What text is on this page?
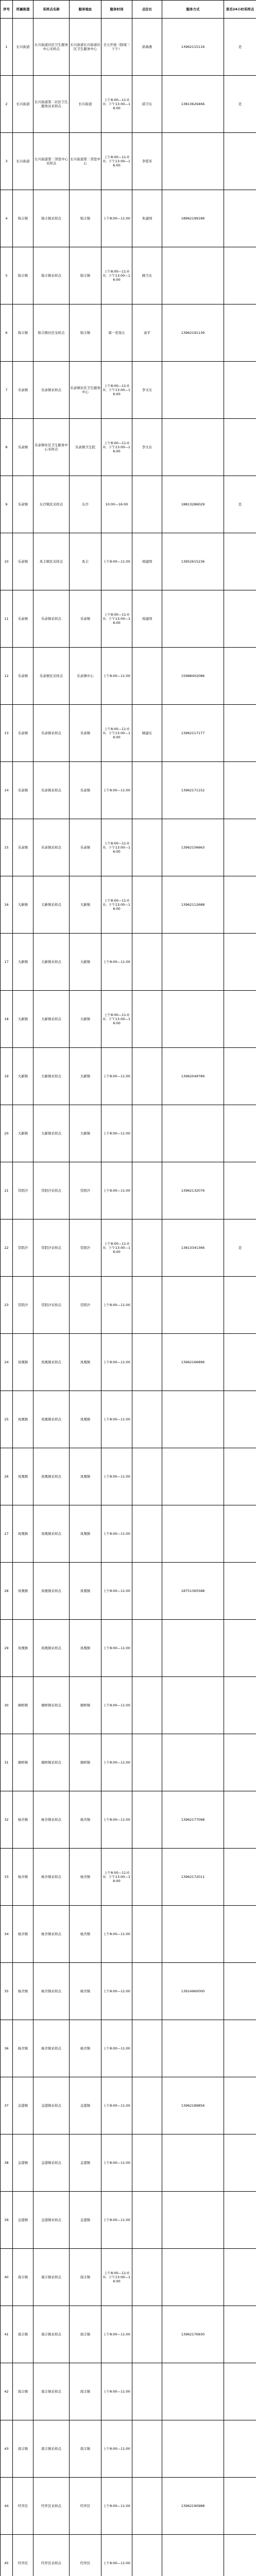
序号	所属街道	采样点名称	服务地址	服务时间	点位长	服务方式	是否24小时采样点
1	长兴街道	长兴街道社区卫生服务中心采样点	长兴街道长兴街道社区卫生服务中心	全天开放（除周三下午）	徐海燕	13962115116	是
2	长兴街道	长兴街道第二社区卫生服务站采样点	长兴街道	上午8:00—11:00；下午13:00—16:00	邱卫东	13813629466	是
3	长兴街道	长兴街道第二邻里中心采样点	长兴街道第二邻里中心	上午8:00—11:00；下午13:00—16:00	李爱军		
4	锦丰镇	锦丰镇采样点	锦丰镇	上午8:00—11:00	朱建国	18962199189	
5	锦丰镇	锦丰镇采样点	锦丰镇	上午8:00—11:00；下午13:00—16:00	顾卫东		
6	锦丰镇	锦丰镇社区采样点	锦丰镇	周一至周五	余平	13962191139	
7	乐余镇	乐余镇采样点	乐余镇社区卫生服务中心	上午8:00—11:00；下午13:00—16:00	李文东		
8	乐余镇	乐余镇社区卫生服务中心采样点	乐余镇卫生院	上午8:00—11:00；下午13:00—16:00	李文东		
9	乐余镇	东沙镇区采样点	东沙	10:00—16:00		18813286029	是
10	乐余镇	兆丰镇区采样点	兆丰	上午8:00—11:00	周建国	13952615236	
11	乐余镇	乐余镇采样点	乐余镇	上午8:00—11:00；下午13:00—16:00	周建国		
12	乐余镇	乐余镇区采样点	乐余镇中心	上午8:00—11:00		15988402086	
13	乐余镇	乐余镇采样点	乐余镇	上午8:00—11:00；下午13:00—16:00	顾建东	13962117177	
14	乐余镇	乐余镇采样点	乐余镇	上午8:00—11:00		13962171152	
15	乐余镇	乐余镇采样点	乐余镇	上午8:00—11:00；下午13:00—16:00		13962156663	
16	大新镇	大新镇采样点	大新镇	上午8:00—11:00；下午13:00—16:00		13962112688	
17	大新镇	大新镇采样点	大新镇	上午8:00—11:00			
18	大新镇	大新镇采样点	大新镇	上午8:00—11:00；下午13:00—16:00			
19	大新镇	大新镇采样点	大新镇	上午8:00—11:00		13962049789	
20	大新镇	大新镇采样点	大新镇	上午8:00—11:00			
21	常阴沙	常阴沙采样点	常阴沙	上午8:00—11:00		13962132076	
22	常阴沙	常阴沙采样点	常阴沙	上午8:00—11:00；下午13:00—16:00		13813341366	是
23	常阴沙	常阴沙采样点	常阴沙	上午8:00—11:00			
24	凤凰镇	凤凰镇采样点	凤凰镇	上午8:00—11:00		13962166896	
25	凤凰镇	凤凰镇采样点	凤凰镇	上午8:00—11:00			
26	凤凰镇	凤凰镇采样点	凤凰镇	上午8:00—11:00			
27	凤凰镇	凤凰镇采样点	凤凰镇	上午8:00—11:00			
28	凤凰镇	凤凰镇采样点	凤凰镇	上午8:00—11:00		18751365588	
29	凤凰镇	凤凰镇采样点	凤凰镇	上午8:00—11:00			
30	塘桥镇	塘桥镇采样点	塘桥镇	上午8:00—11:00			
31	塘桥镇	塘桥镇采样点	塘桥镇	上午8:00—11:00			
32	杨舍镇	杨舍镇采样点	杨舍镇	上午8:00—11:00		13962177098	
33	杨舍镇	杨舍镇采样点	杨舍镇	上午8:00—11:00；下午13:00—16:00		13962172011	
34	杨舍镇	杨舍镇采样点	杨舍镇	上午8:00—11:00			
35	杨舍镇	杨舍镇采样点	杨舍镇	上午8:00—11:00		13914960000	
36	杨舍镇	杨舍镇采样点	杨舍镇	上午8:00—11:00			
37	金港镇	金港镇采样点	金港镇	上午8:00—11:00		13962189856	
38	金港镇	金港镇采样点	金港镇	上午8:00—11:00			
39	金港镇	金港镇采样点	金港镇	上午8:00—11:00			
40	南丰镇	南丰镇采样点	南丰镇	上午8:00—11:00；下午13:00—16:00			
41	南丰镇	南丰镇采样点	南丰镇	上午8:00—11:00		13962176930	
42	南丰镇	南丰镇采样点	南丰镇	上午8:00—11:00			
43	南丰镇	南丰镇采样点	南丰镇	上午8:00—11:00			
44	经开区	经开区采样点	经开区	上午8:00—11:00		13962190988	
45	经开区	经开区采样点	经开区	上午8:00—11:00			
